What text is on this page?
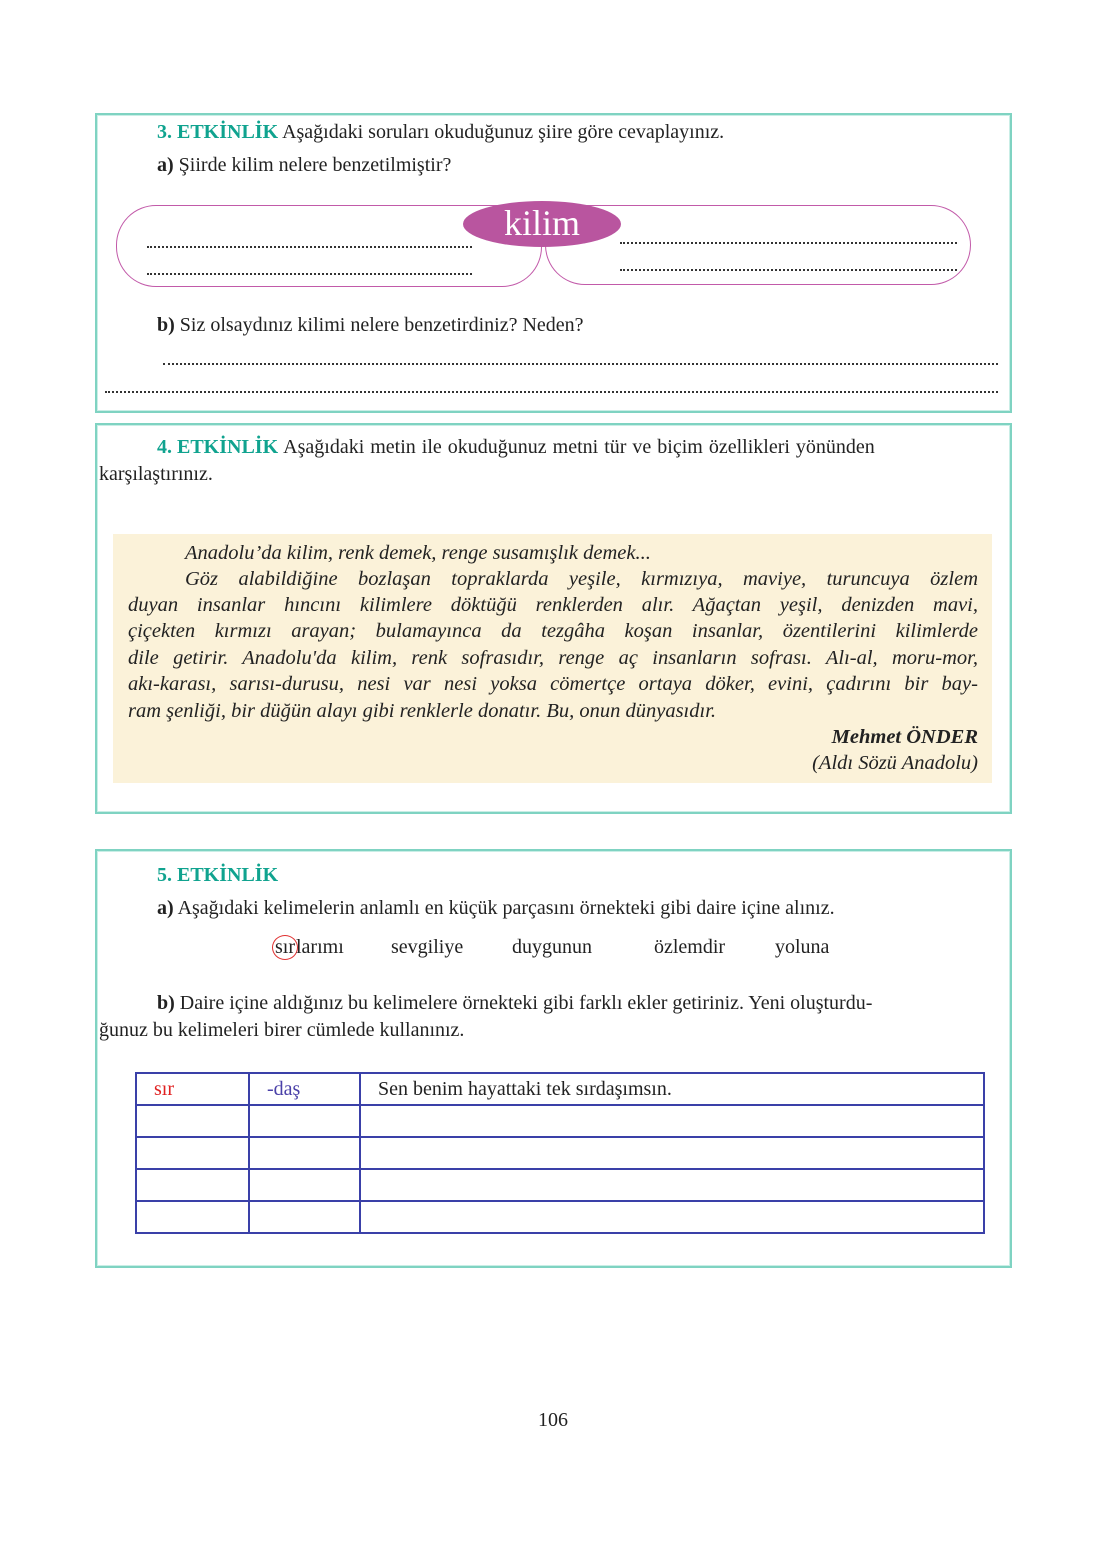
3. ETKİNLİK Aşağıdaki soruları okuduğunuz şiire göre cevaplayınız.
a) Şiirde kilim nelere benzetilmiştir?
kilim
b) Siz olsaydınız kilimi nelere benzetirdiniz? Neden?
4. ETKİNLİK Aşağıdaki metin ile okuduğunuz metni tür ve biçim özellikleri yönünden
karşılaştırınız.
Anadolu’da kilim, renk demek, renge susamışlık demek...
Göz alabildiğine bozlaşan topraklarda yeşile, kırmızıya, maviye, turuncuya özlem
duyan insanlar hıncını kilimlere döktüğü renklerden alır. Ağaçtan yeşil, denizden mavi,
çiçekten kırmızı arayan; bulamayınca da tezgâha koşan insanlar, özentilerini kilimlerde
dile getirir. Anadolu'da kilim, renk sofrasıdır, renge aç insanların sofrası. Alı-al, moru-mor,
akı-karası, sarısı-durusu, nesi var nesi yoksa cömertçe ortaya döker, evini, çadırını bir bay-
ram şenliği, bir düğün alayı gibi renklerle donatır. Bu, onun dünyasıdır.
Mehmet ÖNDER
(Aldı Sözü Anadolu)
5. ETKİNLİK
a) Aşağıdaki kelimelerin anlamlı en küçük parçasını örnekteki gibi daire içine alınız.
sırlarımı sevgiliye duygunun	özlemdir yoluna
b) Daire içine aldığınız bu kelimelere örnekteki gibi farklı ekler getiriniz. Yeni oluşturdu-
ğunuz bu kelimeleri birer cümlede kullanınız.
sır	-daş	Sen benim hayattaki tek sırdaşımsın.

106
